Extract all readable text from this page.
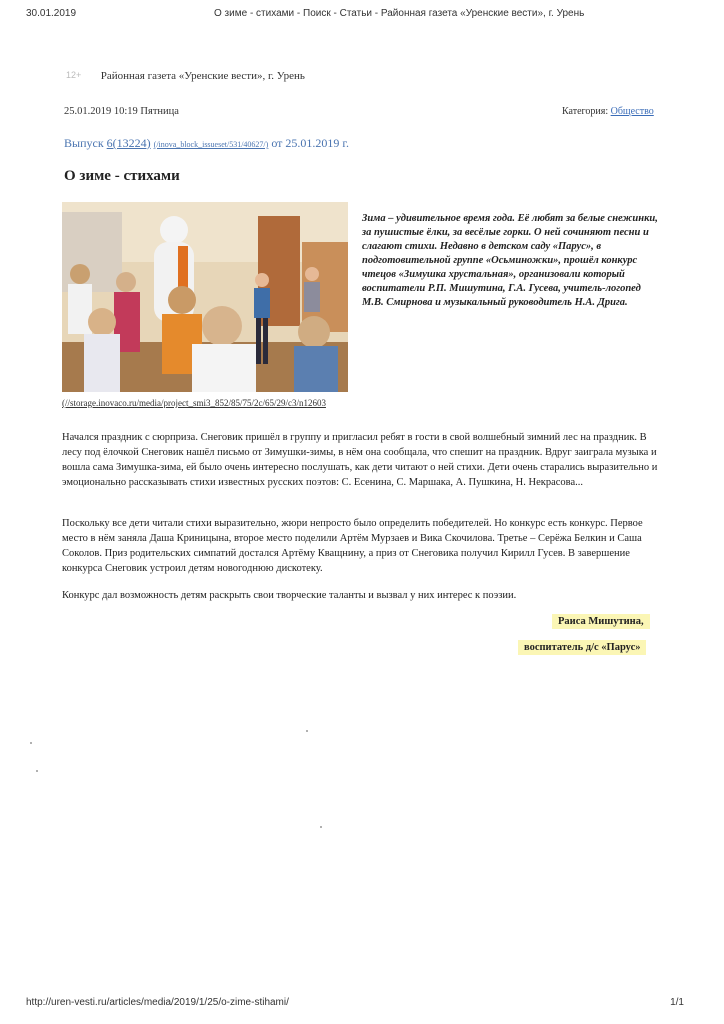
30.01.2019	О зиме - стихами - Поиск - Статьи - Районная газета «Уренские вести», г. Урень
12+ Районная газета «Уренские вести», г. Урень
25.01.2019 10:19 Пятница	Категория: Общество
Выпуск 6(13224) (/inova_block_issueset/531/40627/) от 25.01.2019 г.
О зиме - стихами
(//storage.inovaco.ru/media/project_smi3_852/85/75/2c/65/29/c3/n12603

Зима – удивительное время года. Её любят за белые снежинки, за пушистые ёлки, за весёлые горки. О ней сочиняют песни и слагают стихи. Недавно в детском саду «Парус», в подготовительной группе «Осьминожки», прошёл конкурс чтецов «Зимушка хрустальная», организовали который воспитатели Р.П. Мишутина, Г.А. Гусева, учитель-логопед М.В. Смирнова и музыкальный руководитель Н.А. Дрига.

Начался праздник с сюрприза. Снеговик пришёл в группу и пригласил ребят в гости в свой волшебный зимний лес на праздник. В лесу под ёлочкой Снеговик нашёл письмо от Зимушки-зимы, в нём она сообщала, что спешит на праздник. Вдруг заиграла музыка и вошла сама Зимушка-зима, ей было очень интересно послушать, как дети читают о ней стихи. Дети очень старались выразительно и эмоционально рассказывать стихи известных русских поэтов: С. Есенина, С. Маршака, А. Пушкина, Н. Некрасова...

Поскольку все дети читали стихи выразительно, жюри непросто было определить победителей. Но конкурс есть конкурс. Первое место в нём заняла Даша Криницына, второе место поделили Артём Мурзаев и Вика Скочилова. Третье – Серёжа Белкин и Саша Соколов. Приз родительских симпатий достался Артёму Кващнину, а приз от Снеговика получил Кирилл Гусев. В завершение конкурса Снеговик устроил детям новогоднюю дискотеку.

Конкурс дал возможность детям раскрыть свои творческие таланты и вызвал у них интерес к поэзии.

Раиса Мишутина,
воспитатель д/с «Парус»
http://uren-vesti.ru/articles/media/2019/1/25/o-zime-stihami/	1/1
